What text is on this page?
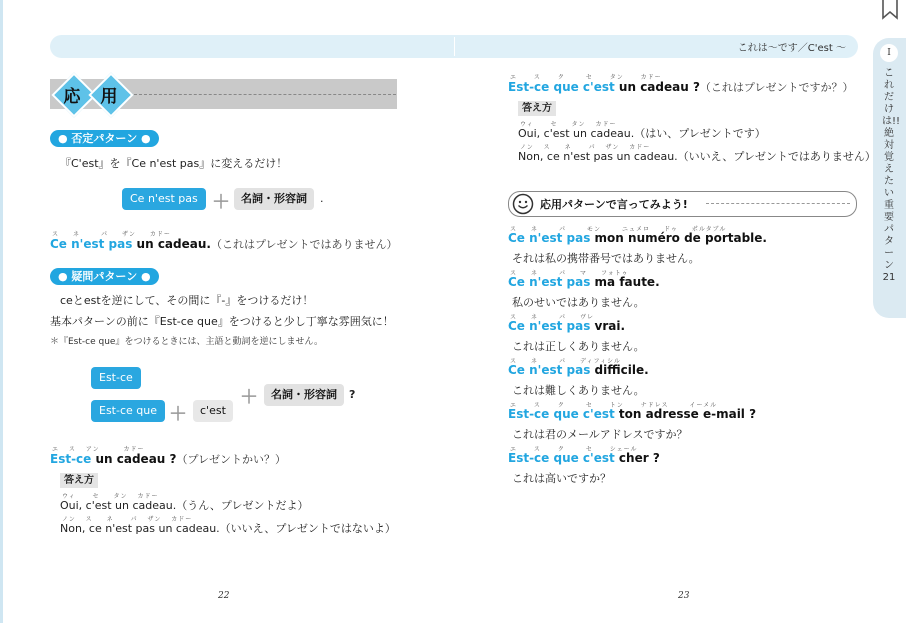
これは〜です／C'est 〜	I
これだけは!! 絶対覚えたい重要パターン21
応	用
● 否定パターン ●
『C'est』を『Ce n'est pas』に変えるだけ！
Ce n'est pas ＋	名詞・形容詞	.
ス　　ネ　　　パ　　ザン　　カドー
Ce n'est pas un cadeau.（これはプレゼントではありません）
● 疑問パターン ●
ceとestを逆にして、その間に『-』をつけるだけ！
基本パターンの前に『Est-ce que』をつけると少し丁寧な雰囲気に！
＊『Est-ce que』をつけるときには、主語と動詞を逆にしません。
Est-ce
Est-ce que ＋	c'est
＋	名詞・形容詞	?
エ　 ス　 アン　　　 カドー
Est-ce un cadeau ?（プレゼントかい？）
答え方
ウィ　　 セ　　タン　 カドー
Oui, c'est un cadeau.（うん、プレゼントだよ）
ノン　 ス　　ネ　　 パ　 ザン　 カドー
Non, ce n'est pas un cadeau.（いいえ、プレゼントではないよ）
22
エ　　 ス　　 ク　　　セ　　 タン　　 カドー
Est-ce que c'est un cadeau ?（これはプレゼントですか？）
答え方
ウィ　　 セ　　タン　 カドー
Oui, c'est un cadeau.（はい、プレゼントです）
ノン　 ス　　ネ　　 パ　 ザン　 カドー
Non, ce n'est pas un cadeau.（いいえ、プレゼントではありません）
応用パターンで言ってみよう!
ス　　ネ　　　パ　　　モン　　　ニュメロ　　ドゥ　　ポルタブル
Ce n'est pas mon numéro de portable.
それは私の携帯番号ではありません。
ス　　ネ　　　パ　　マ　　フォトゥ
Ce n'est pas ma faute.
私のせいではありません。
ス　　ネ　　　パ　　ヴレ
Ce n'est pas vrai.
これは正しくありません。
ス　　ネ　　　パ　　ディフィシル
Ce n'est pas difficile.
これは難しくありません。
エ　　 ス　　 ク　　　セ　　 トン　　 ナドレス　　　イーメル
Est-ce que c'est ton adresse e-mail ?
これは君のメールアドレスですか？
エ　　 ス　　 ク　　　セ　　 シェール
Est-ce que c'est cher ?
これは高いですか？
23
